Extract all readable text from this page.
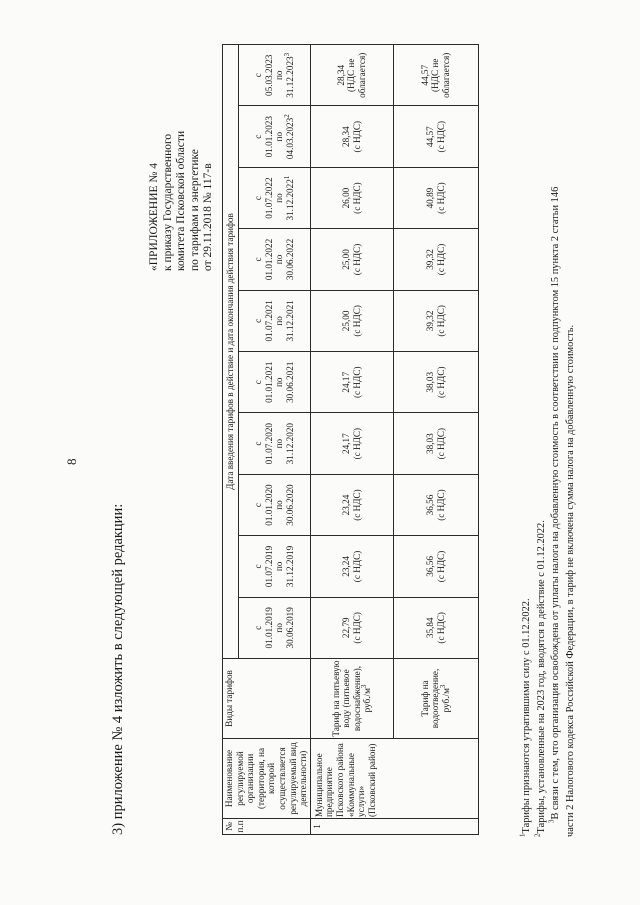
8
3) приложение № 4 изложить в следующей редакции:
«ПРИЛОЖЕНИЕ № 4 к приказу Государственного комитета Псковской области по тарифам и энергетике от 29.11.2018 № 117-в
№ п.п	Наименование регулируемой организации (территория, на которой осуществляется регулируемый вид деятельности)	Виды тарифов	Дата введения тарифов в действие и дата окончания действия тарифов									

			с 01.01.2019 по 30.06.2019	с 01.07.2019 по 31.12.2019	с 01.01.2020 по 30.06.2020	с 01.07.2020 по 31.12.2020	с 01.01.2021 по 30.06.2021	с 01.07.2021 по 31.12.2021	с 01.01.2022 по 30.06.2022	с 01.07.2022 по 31.12.2022$^1$	с 01.01.2023 по 04.03.2023$^2$	с 05.03.2023 по 31.12.2023$^3$

1	Муниципальное предприятие Псковского района «Коммунальные услуги» (Псковский район)	Тариф на питьевую воду (питьевое водоснабжение), $руб./м^3$	22,79 (с НДС)	23,24 (с НДС)	23,24 (с НДС)	24,17 (с НДС)	24,17 (с НДС)	25,00 (с НДС)	25,00 (с НДС)	26,00 (с НДС)	28,34 (с НДС)	28,34 (НДС не облагается)

		Тариф на водоотведение, $руб./м^3$	35,84 (с НДС)	36,56 (с НДС)	36,56 (с НДС)	38,03 (с НДС)	38,03 (с НДС)	39,32 (с НДС)	39,32 (с НДС)	40,89 (с НДС)	44,57 (с НДС)	44,57 (НДС не облагается)
$^1$Тарифы признаются утратившими силу с 01.12.2022.
$^2$Тарифы, установленные на 2023 год, вводятся в действие с 01.12.2022. $^3$В связи с тем, что организация освобождена от уплаты налога на добавленную стоимость в соответствии с подпунктом 15 пункта 2 статьи 146 части 2 Налогового кодекса Российской Федерации, в тариф не включена сумма налога на добавленную стоимость.
